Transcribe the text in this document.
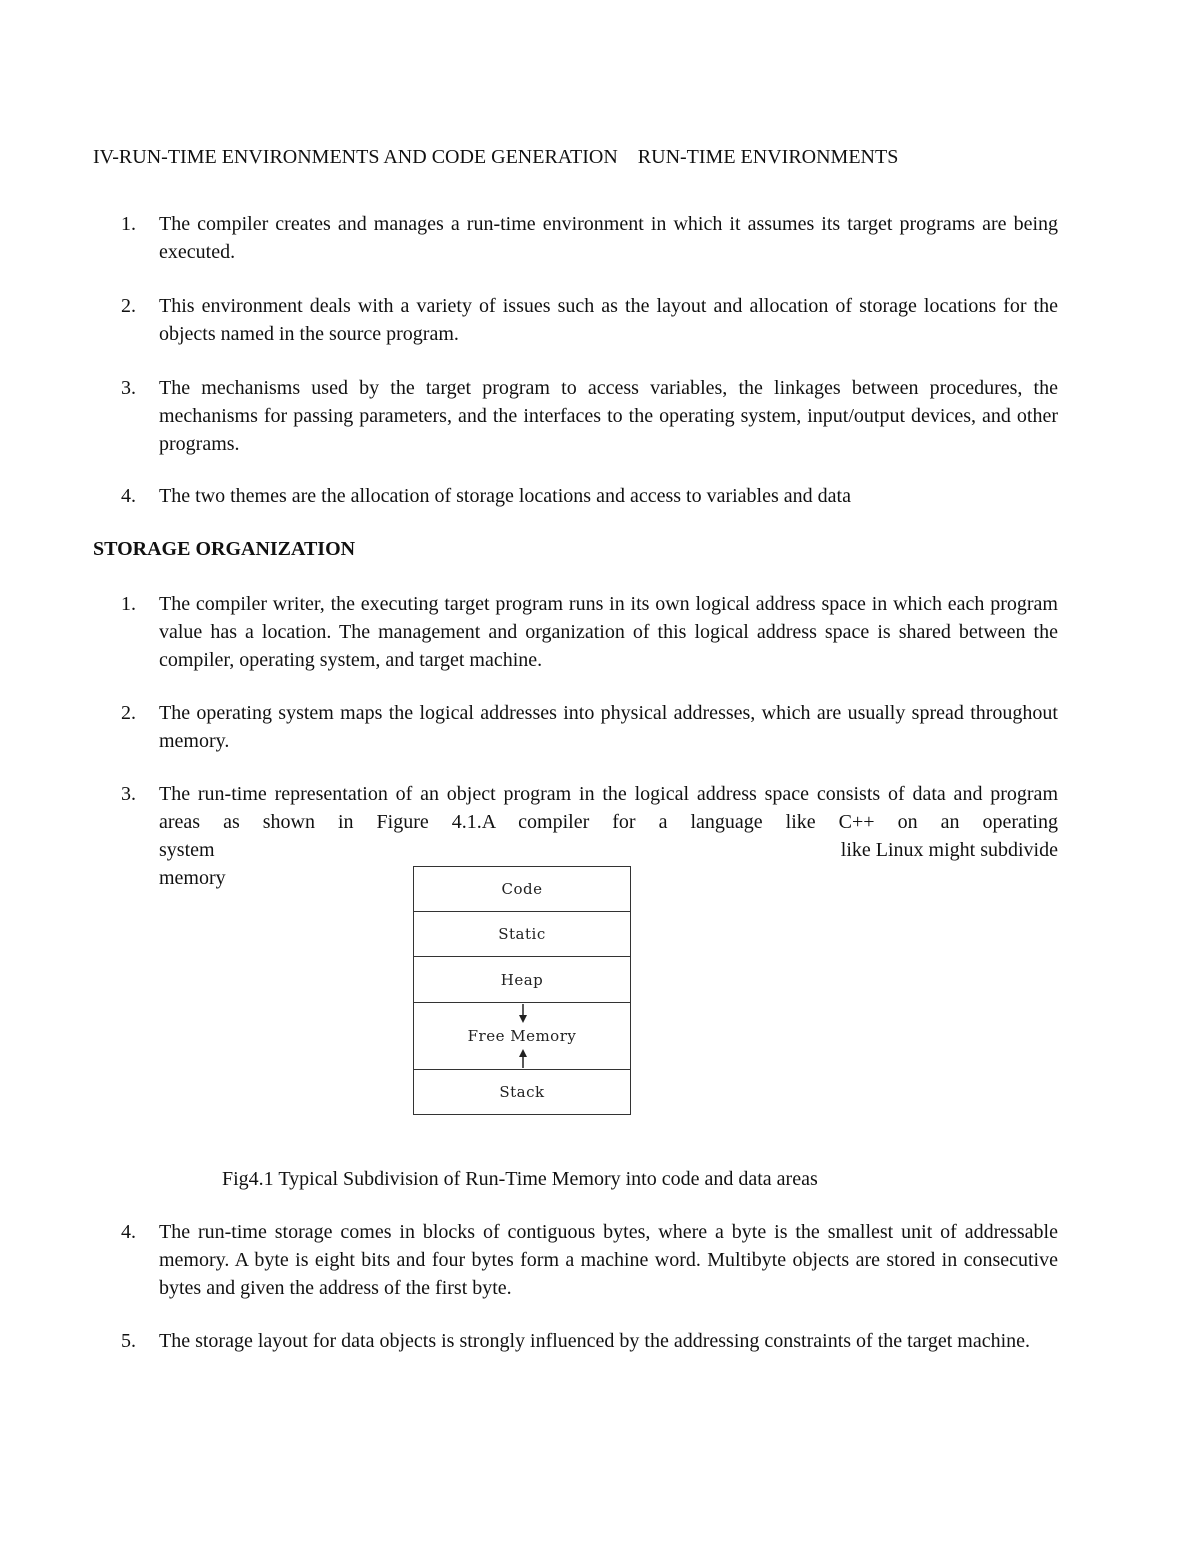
IV-RUN-TIME ENVIRONMENTS AND CODE GENERATION    RUN-TIME ENVIRONMENTS
1.	The compiler creates and manages a run-time environment in which it assumes its target programs are being executed.
2.	This environment deals with a variety of issues such as the layout and allocation of storage locations for the objects named in the source program.
3.	The mechanisms used by the target program to access variables, the linkages between procedures, the mechanisms for passing parameters, and the interfaces to the operating system, input/output devices, and other programs.
4.	The two themes are the allocation of storage locations and access to variables and data
STORAGE ORGANIZATION
1.	The compiler writer, the executing target program runs in its own logical address space in which each program value has a location. The management and organization of this logical address space is shared between the compiler, operating system, and target machine.
2.	The operating system maps the logical addresses into physical addresses, which are usually spread throughout memory.
3.	The run-time representation of an object program in the logical address space consists of data and program areas as shown in Figure 4.1.A compiler for a language like C++ on an operating
4.	The run-time storage comes in blocks of contiguous bytes, where a byte is the smallest unit of addressable memory. A byte is eight bits and four bytes form a machine word. Multibyte objects are stored in consecutive bytes and given the address of the first byte.
5.	The storage layout for data objects is strongly influenced by the addressing constraints of the target machine.
system	like Linux might subdivide
memory	Code
Static
Heap
Free Memory
Stack
Fig4.1 Typical Subdivision of Run-Time Memory into code and data areas
